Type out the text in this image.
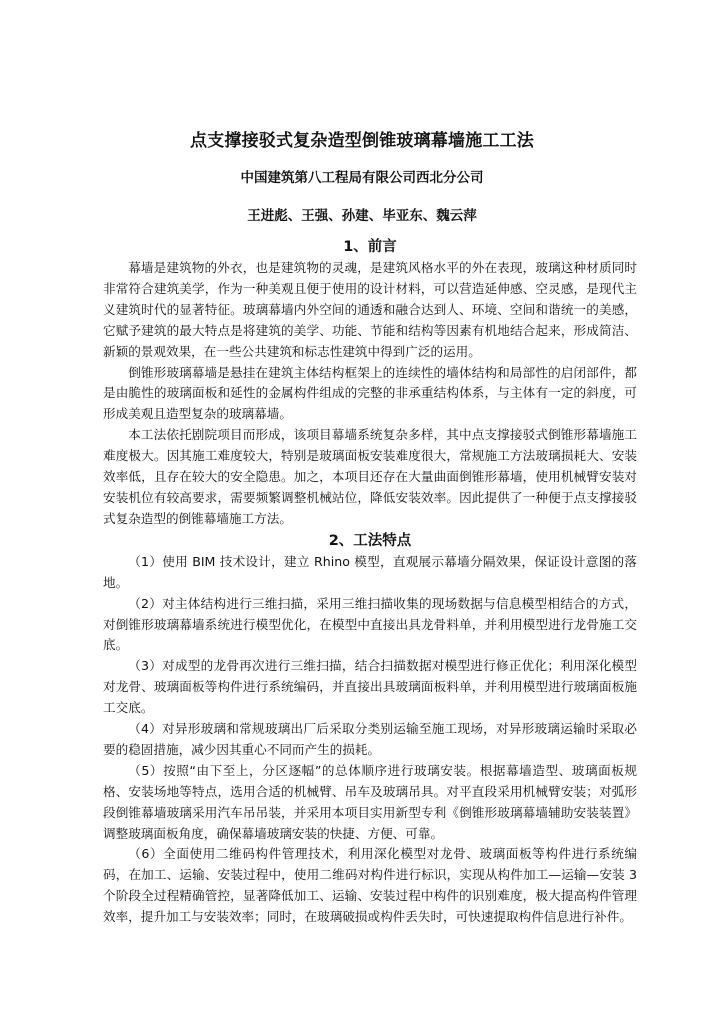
点支撑接驳式复杂造型倒锥玻璃幕墙施工工法
中国建筑第八工程局有限公司西北分公司
王进彪、王强、孙建、毕亚东、魏云萍
1、前言

幕墙是建筑物的外衣，也是建筑物的灵魂，是建筑风格水平的外在表现，玻璃这种材质同时非常符合建筑美学，作为一种美观且便于使用的设计材料，可以营造延伸感、空灵感，是现代主义建筑时代的显著特征。玻璃幕墙内外空间的通透和融合达到人、环境、空间和谐统一的美感，它赋予建筑的最大特点是将建筑的美学、功能、节能和结构等因素有机地结合起来，形成简洁、新颖的景观效果，在一些公共建筑和标志性建筑中得到广泛的运用。

倒锥形玻璃幕墙是悬挂在建筑主体结构框架上的连续性的墙体结构和局部性的启闭部件，都是由脆性的玻璃面板和延性的金属构件组成的完整的非承重结构体系，与主体有一定的斜度，可形成美观且造型复杂的玻璃幕墙。

本工法依托剧院项目而形成，该项目幕墙系统复杂多样，其中点支撑接驳式倒锥形幕墙施工难度极大。因其施工难度较大，特别是玻璃面板安装难度很大，常规施工方法玻璃损耗大、安装效率低，且存在较大的安全隐患。加之，本项目还存在大量曲面倒锥形幕墙，使用机械臂安装对安装机位有较高要求，需要频繁调整机械站位，降低安装效率。因此提供了一种便于点支撑接驳式复杂造型的倒锥幕墙施工方法。

2、工法特点

（1）使用 BIM 技术设计，建立 Rhino 模型，直观展示幕墙分隔效果，保证设计意图的落地。

（2）对主体结构进行三维扫描，采用三维扫描收集的现场数据与信息模型相结合的方式，对倒锥形玻璃幕墙系统进行模型优化，在模型中直接出具龙骨料单，并利用模型进行龙骨施工交底。

（3）对成型的龙骨再次进行三维扫描，结合扫描数据对模型进行修正优化；利用深化模型对龙骨、玻璃面板等构件进行系统编码，并直接出具玻璃面板料单，并利用模型进行玻璃面板施工交底。

（4）对异形玻璃和常规玻璃出厂后采取分类别运输至施工现场，对异形玻璃运输时采取必要的稳固措施，减少因其重心不同而产生的损耗。

（5）按照“由下至上，分区逐幅”的总体顺序进行玻璃安装。根据幕墙造型、玻璃面板规格、安装场地等特点，选用合适的机械臂、吊车及玻璃吊具。对平直段采用机械臂安装；对弧形段倒锥幕墙玻璃采用汽车吊吊装，并采用本项目实用新型专利《倒锥形玻璃幕墙辅助安装装置》调整玻璃面板角度，确保幕墙玻璃安装的快捷、方便、可靠。

（6）全面使用二维码构件管理技术，利用深化模型对龙骨、玻璃面板等构件进行系统编码，在加工、运输、安装过程中，使用二维码对构件进行标识，实现从构件加工—运输—安装 3 个阶段全过程精确管控，显著降低加工、运输、安装过程中构件的识别难度，极大提高构件管理效率，提升加工与安装效率；同时，在玻璃破损或构件丢失时，可快速提取构件信息进行补件。
